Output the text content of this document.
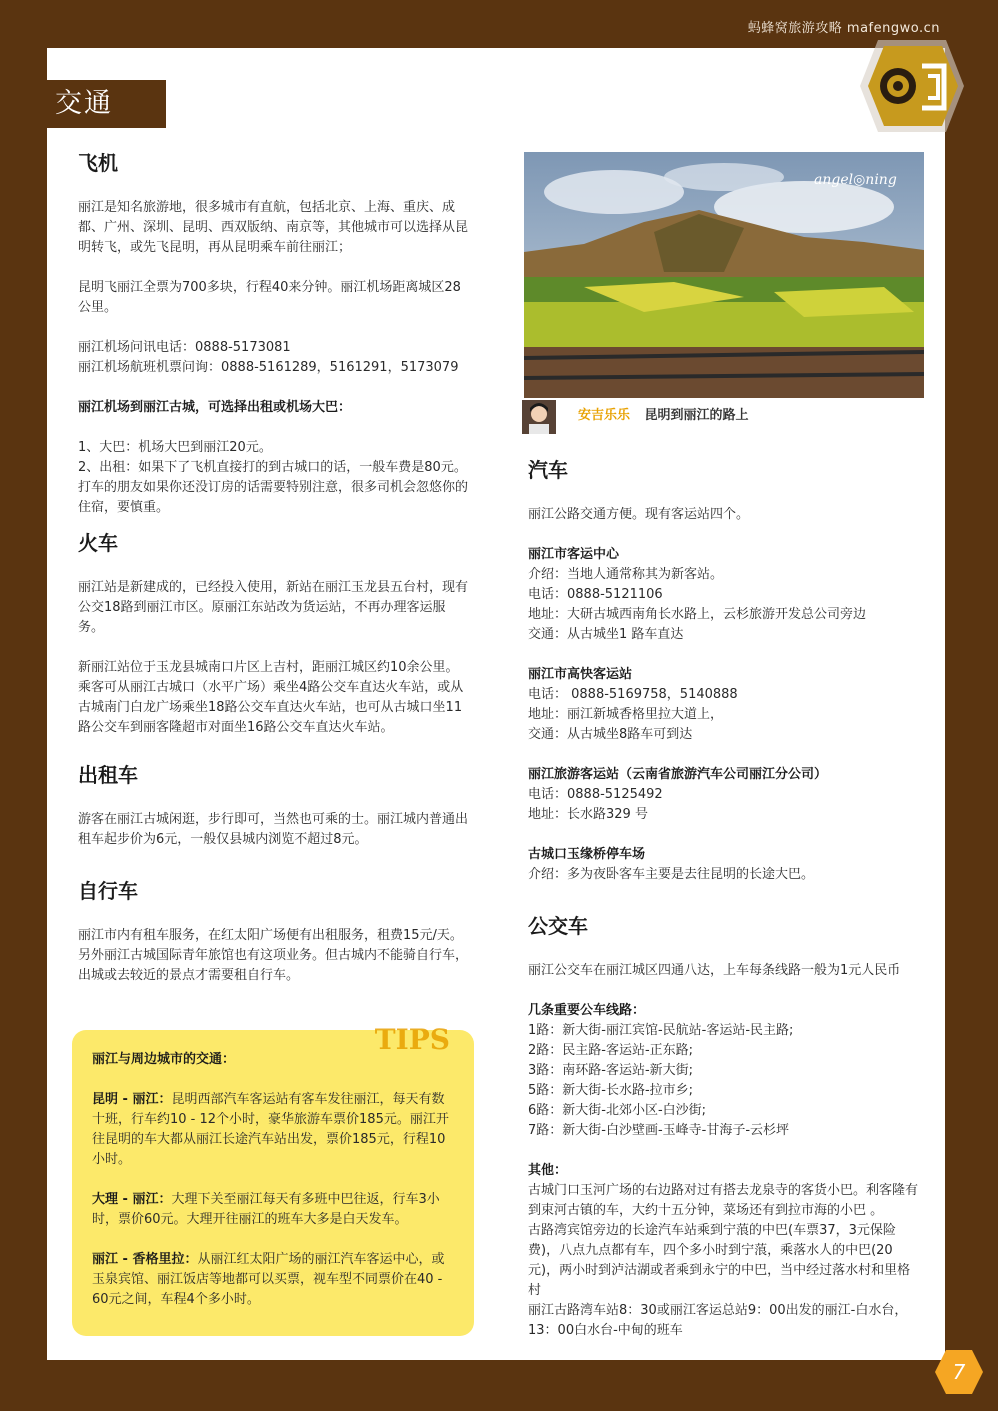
蚂蜂窝旅游攻略 mafengwo.cn
交通
飞机

丽江是知名旅游地，很多城市有直航，包括北京、上海、重庆、成都、广州、深圳、昆明、西双版纳、南京等，其他城市可以选择从昆明转飞，或先飞昆明，再从昆明乘车前往丽江；

昆明飞丽江全票为700多块，行程40来分钟。丽江机场距离城区28公里。

丽江机场问讯电话：0888-5173081

丽江机场航班机票问询：0888-5161289，5161291，5173079

丽江机场到丽江古城，可选择出租或机场大巴：

1、大巴：机场大巴到丽江20元。

2、出租：如果下了飞机直接打的到古城口的话，一般车费是80元。打车的朋友如果你还没订房的话需要特别注意，很多司机会忽悠你的住宿，要慎重。

火车

丽江站是新建成的，已经投入使用，新站在丽江玉龙县五台村，现有公交18路到丽江市区。原丽江东站改为货运站，不再办理客运服务。

新丽江站位于玉龙县城南口片区上吉村，距丽江城区约10余公里。乘客可从丽江古城口（水平广场）乘坐4路公交车直达火车站，或从古城南门白龙广场乘坐18路公交车直达火车站，也可从古城口坐11路公交车到丽客隆超市对面坐16路公交车直达火车站。

出租车

游客在丽江古城闲逛，步行即可，当然也可乘的士。丽江城内普通出租车起步价为6元，一般仅县城内浏览不超过8元。

自行车

丽江市内有租车服务，在红太阳广场便有出租服务，租费15元/天。另外丽江古城国际青年旅馆也有这项业务。但古城内不能骑自行车，出城或去较近的景点才需要租自行车。

angel◎ning
安吉乐乐 昆明到丽江的路上
汽车

丽江公路交通方便。现有客运站四个。

丽江市客运中心

介绍：当地人通常称其为新客站。

电话：0888-5121106

地址：大研古城西南角长水路上，云杉旅游开发总公司旁边

交通：从古城坐1 路车直达

丽江市高快客运站

电话： 0888-5169758，5140888

地址：丽江新城香格里拉大道上，

交通：从古城坐8路车可到达

丽江旅游客运站（云南省旅游汽车公司丽江分公司）

电话：0888-5125492

地址：长水路329 号

古城口玉缘桥停车场

介绍：多为夜卧客车主要是去往昆明的长途大巴。

公交车

丽江公交车在丽江城区四通八达，上车每条线路一般为1元人民币

几条重要公车线路：

1路：新大街-丽江宾馆-民航站-客运站-民主路;

2路：民主路-客运站-正东路;

3路：南环路-客运站-新大街;

5路：新大街-长水路-拉市乡;

6路：新大街-北郊小区-白沙街;

7路：新大街-白沙壁画-玉峰寺-甘海子-云杉坪

其他：

古城门口玉河广场的右边路对过有搭去龙泉寺的客货小巴。利客隆有到束河古镇的车，大约十五分钟，菜场还有到拉市海的小巴 。

古路湾宾馆旁边的长途汽车站乘到宁蒗的中巴(车票37，3元保险费)，八点九点都有车，四个多小时到宁蒗，乘落水人的中巴(20元)，两小时到泸沽湖或者乘到永宁的中巴，当中经过落水村和里格村

丽江古路湾车站8：30或丽江客运总站9：00出发的丽江-白水台，13：00白水台-中甸的班车

TIPS

丽江与周边城市的交通：

昆明 - 丽江：昆明西部汽车客运站有客车发往丽江，每天有数十班，行车约10 - 12个小时，豪华旅游车票价185元。丽江开往昆明的车大都从丽江长途汽车站出发，票价185元，行程10小时。

大理 - 丽江：大理下关至丽江每天有多班中巴往返，行车3小时，票价60元。大理开往丽江的班车大多是白天发车。

丽江 - 香格里拉：从丽江红太阳广场的丽江汽车客运中心，或玉泉宾馆、丽江饭店等地都可以买票，视车型不同票价在40 - 60元之间，车程4个多小时。

7
